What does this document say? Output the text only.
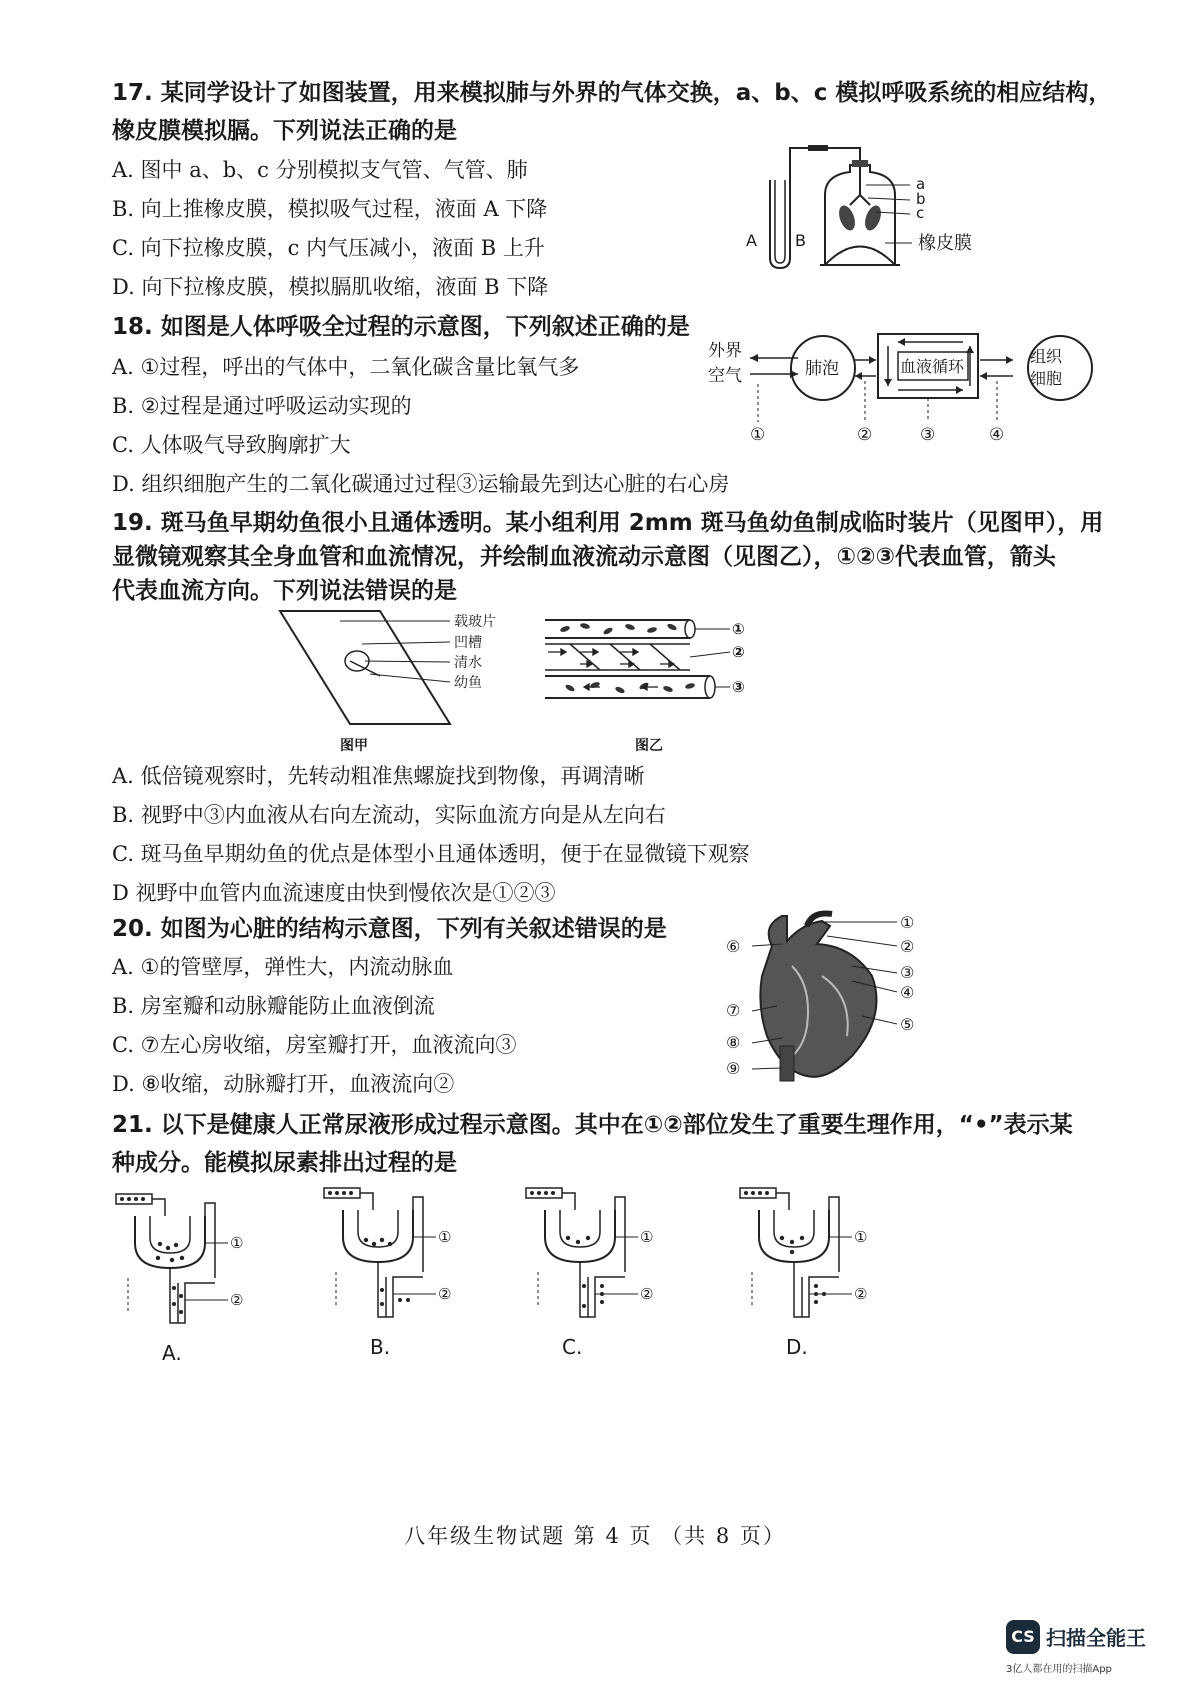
17. 某同学设计了如图装置，用来模拟肺与外界的气体交换，a、b、c 模拟呼吸系统的相应结构，

橡皮膜模拟膈。下列说法正确的是

A. 图中 a、b、c 分别模拟支气管、气管、肺

B. 向上推橡皮膜，模拟吸气过程，液面 A 下降

C. 向下拉橡皮膜，c 内气压减小，液面 B 上升

D. 向下拉橡皮膜，模拟膈肌收缩，液面 B 下降

a
b
c
橡皮膜
A B

18. 如图是人体呼吸全过程的示意图，下列叙述正确的是

A. ①过程，呼出的气体中，二氧化碳含量比氧气多

B. ②过程是通过呼吸运动实现的

C. 人体吸气导致胸廓扩大

D. 组织细胞产生的二氧化碳通过过程③运输最先到达心脏的右心房

外界
空气	肺泡	血液循环
组织
细胞
①	②	③	④

19. 斑马鱼早期幼鱼很小且通体透明。某小组利用 2mm 斑马鱼幼鱼制成临时装片（见图甲），用

显微镜观察其全身血管和血流情况，并绘制血液流动示意图（见图乙），①②③代表血管，箭头

代表血流方向。下列说法错误的是

载玻片
凹槽
清水
幼鱼
图甲
①
②
③
图乙

A. 低倍镜观察时，先转动粗准焦螺旋找到物像，再调清晰

B. 视野中③内血液从右向左流动，实际血流方向是从左向右

C. 斑马鱼早期幼鱼的优点是体型小且通体透明，便于在显微镜下观察

D 视野中血管内血流速度由快到慢依次是①②③

20. 如图为心脏的结构示意图，下列有关叙述错误的是

A. ①的管壁厚，弹性大，内流动脉血

B. 房室瓣和动脉瓣能防止血液倒流

C. ⑦左心房收缩，房室瓣打开，血液流向③

D. ⑧收缩，动脉瓣打开，血液流向②

①
②
③
④
⑤
⑥
⑦
⑧
⑨

21. 以下是健康人正常尿液形成过程示意图。其中在①②部位发生了重要生理作用，“•”表示某

种成分。能模拟尿素排出过程的是

①
②
A.
①
②
B.
①
②
C.
①
②
D.
八年级生物试题 第 4 页 （共 8 页）
CS 扫描全能王
3亿人都在用的扫描App
